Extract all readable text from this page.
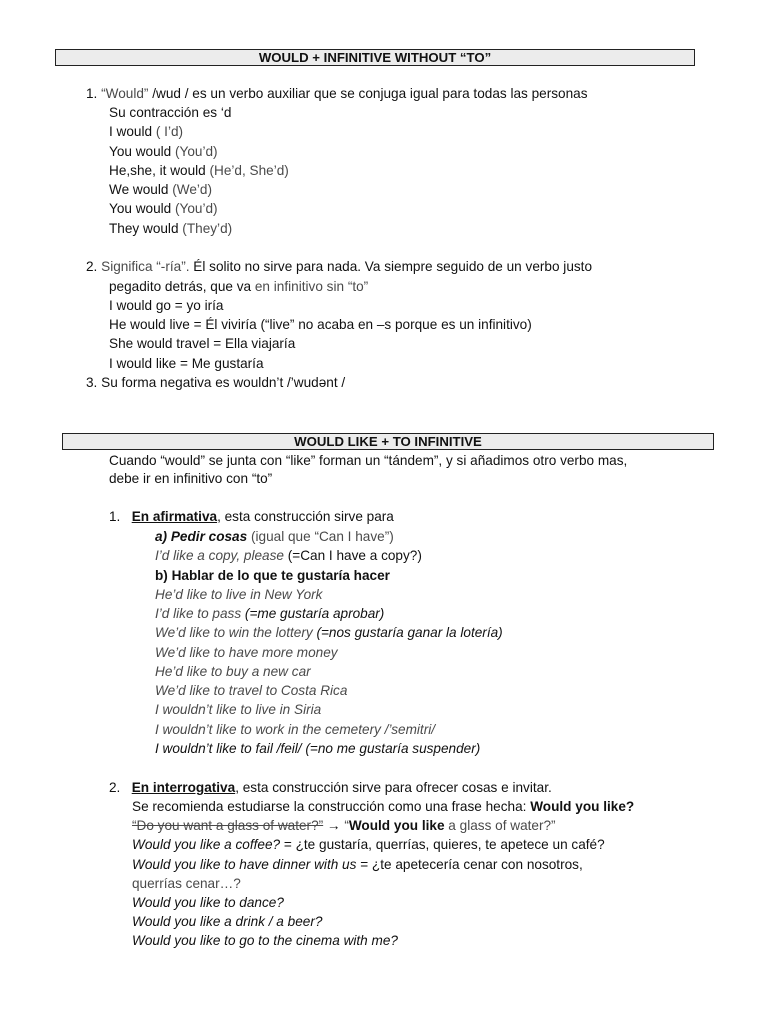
WOULD + INFINITIVE WITHOUT “TO”
1. “Would” /wud / es un verbo auxiliar que se conjuga igual para todas las personas
Su contracción es ‘d
I would ( I’d)
You would (You’d)
He,she, it would (He’d, She’d)
We would (We’d)
You would (You’d)
They would (They’d)
2. Significa “-ría”. Él solito no sirve para nada. Va siempre seguido de un verbo justo
pegadito detrás, que va en infinitivo sin “to”
I would go = yo iría
He would live = Él viviría (“live” no acaba en –s porque es un infinitivo)
She would travel = Ella viajaría
I would like = Me gustaría
3. Su forma negativa es wouldn’t /’wudənt /
WOULD LIKE + TO INFINITIVE
Cuando “would” se junta con “like” forman un “tándem”, y si añadimos otro verbo mas,
debe ir en infinitivo con “to”
1. En afirmativa, esta construcción sirve para
a) Pedir cosas (igual que “Can I have”)
I’d like a copy, please (=Can I have a copy?)
b) Hablar de lo que te gustaría hacer
He’d like to live in New York
I’d like to pass (=me gustaría aprobar)
We’d like to win the lottery (=nos gustaría ganar la lotería)
We’d like to have more money
He’d like to buy a new car
We’d like to travel to Costa Rica
I wouldn’t like to live in Siria
I wouldn’t like to work in the cemetery /’semitri/
I wouldn’t like to fail /feil/ (=no me gustaría suspender)
2. En interrogativa, esta construcción sirve para ofrecer cosas e invitar.
Se recomienda estudiarse la construcción como una frase hecha: Would you like?
“Do you want a glass of water?” → “Would you like a glass of water?”
Would you like a coffee? = ¿te gustaría, querrías, quieres, te apetece un café?
Would you like to have dinner with us = ¿te apetecería cenar con nosotros,
querrías cenar…?
Would you like to dance?
Would you like a drink / a beer?
Would you like to go to the cinema with me?
